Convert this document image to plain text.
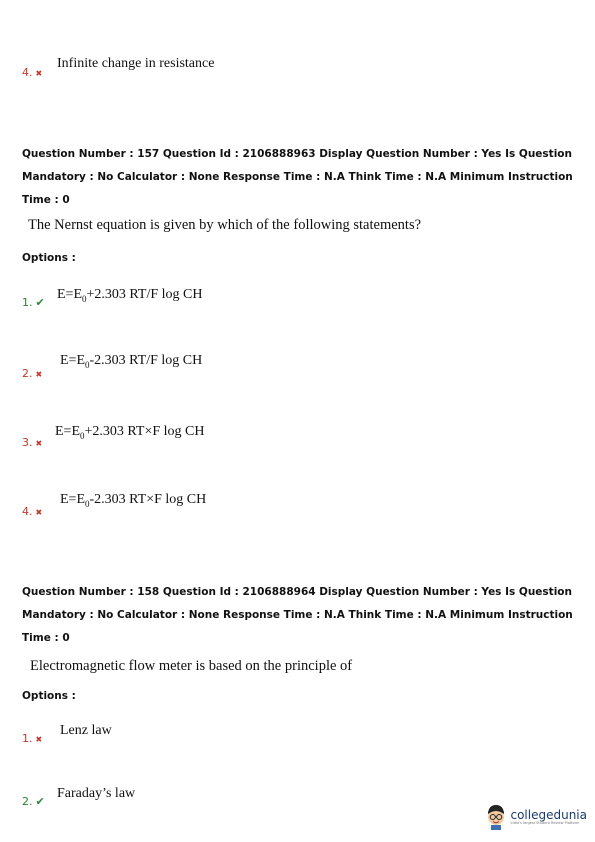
4. ✖
Infinite change in resistance
Question Number : 157 Question Id : 2106888963 Display Question Number : Yes Is Question
Mandatory : No Calculator : None Response Time : N.A Think Time : N.A Minimum Instruction
Time : 0
The Nernst equation is given by which of the following statements?
Options :
1. ✔
$E=E_0+2.303$ RT/F log CH
2. ✖
$E=E_0-2.303$ RT/F log CH
3. ✖
$E=E_0+2.303$ RT×F log CH
4. ✖
$E=E_0-2.303$ RT×F log CH
Question Number : 158 Question Id : 2106888964 Display Question Number : Yes Is Question
Mandatory : No Calculator : None Response Time : N.A Think Time : N.A Minimum Instruction
Time : 0
Electromagnetic flow meter is based on the principle of
Options :
1. ✖
Lenz law
2. ✔
Faraday’s law
collegedunia
India's largest Student Review Platform
